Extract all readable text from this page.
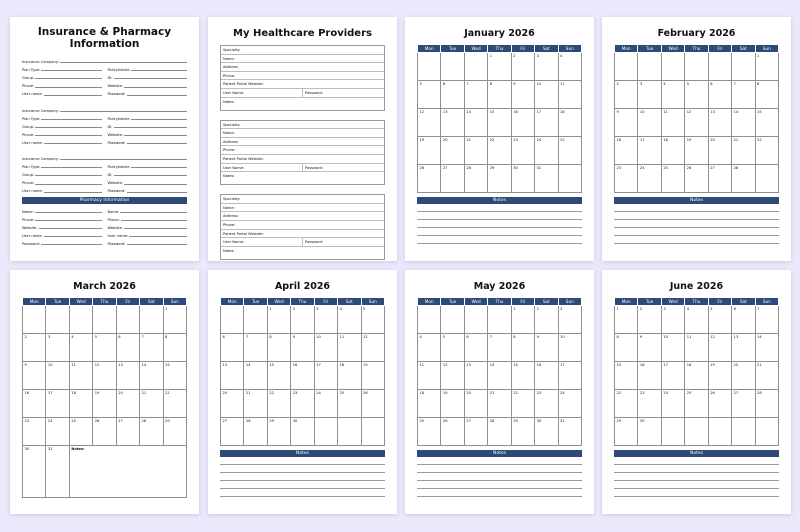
Insurance & Pharmacy Information
Insurance Company:
Plan Type:	Policyholder:
Group:	ID:
Phone:	Website:
User name:	Password:
Insurance Company:
Plan Type:	Policyholder:
Group:	ID:
Phone:	Website:
User name:	Password:
Insurance Company:
Plan Type:	Policyholder:
Group:	ID:
Phone:	Website:
User name:	Password:
Pharmacy Information
Name:	Name:
Phone:	Phone:
Website:	Website:
User name:	User name:
Password:	Password:
My Healthcare Providers
Specialty:
Name:
Address:
Phone:
Patient Portal Website:
User Name:	Password:
Notes:
Specialty:
Name:
Address:
Phone:
Patient Portal Website:
User Name:	Password:
Notes:
Specialty:
Name:
Address:
Phone:
Patient Portal Website:
User Name:	Password:
Notes:
January 2026
Mon	Tue	Wed	Thu	Fri	Sat	Sun
			1	2	3	4
5	6	7	8	9	10	11
12	13	14	15	16	17	18
19	20	21	22	23	24	25
26	27	28	29	30	31	
Notes
February 2026
Mon	Tue	Wed	Thu	Fri	Sat	Sun
						1
2	3	4	5	6	7	8
9	10	11	12	13	14	15
16	17	18	19	20	21	22
23	24	25	26	27	28	
Notes
March 2026
Mon	Tue	Wed	Thu	Fri	Sat	Sun
						1
2	3	4	5	6	7	8
9	10	11	12	13	14	15
16	17	18	19	20	21	22
23	24	25	26	27	28	29
30	31	Notes:				
April 2026
Mon	Tue	Wed	Thu	Fri	Sat	Sun
		1	2	3	4	5
6	7	8	9	10	11	12
13	14	15	16	17	18	19
20	21	22	23	24	25	26
27	28	29	30			
Notes
May 2026
Mon	Tue	Wed	Thu	Fri	Sat	Sun
				1	2	3
4	5	6	7	8	9	10
11	12	13	14	15	16	17
18	19	20	21	22	23	24
25	26	27	28	29	30	31
Notes
June 2026
Mon	Tue	Wed	Thu	Fri	Sat	Sun
1	2	3	4	5	6	7
8	9	10	11	12	13	14
15	16	17	18	19	20	21
22	23	24	25	26	27	28
29	30					
Notes
